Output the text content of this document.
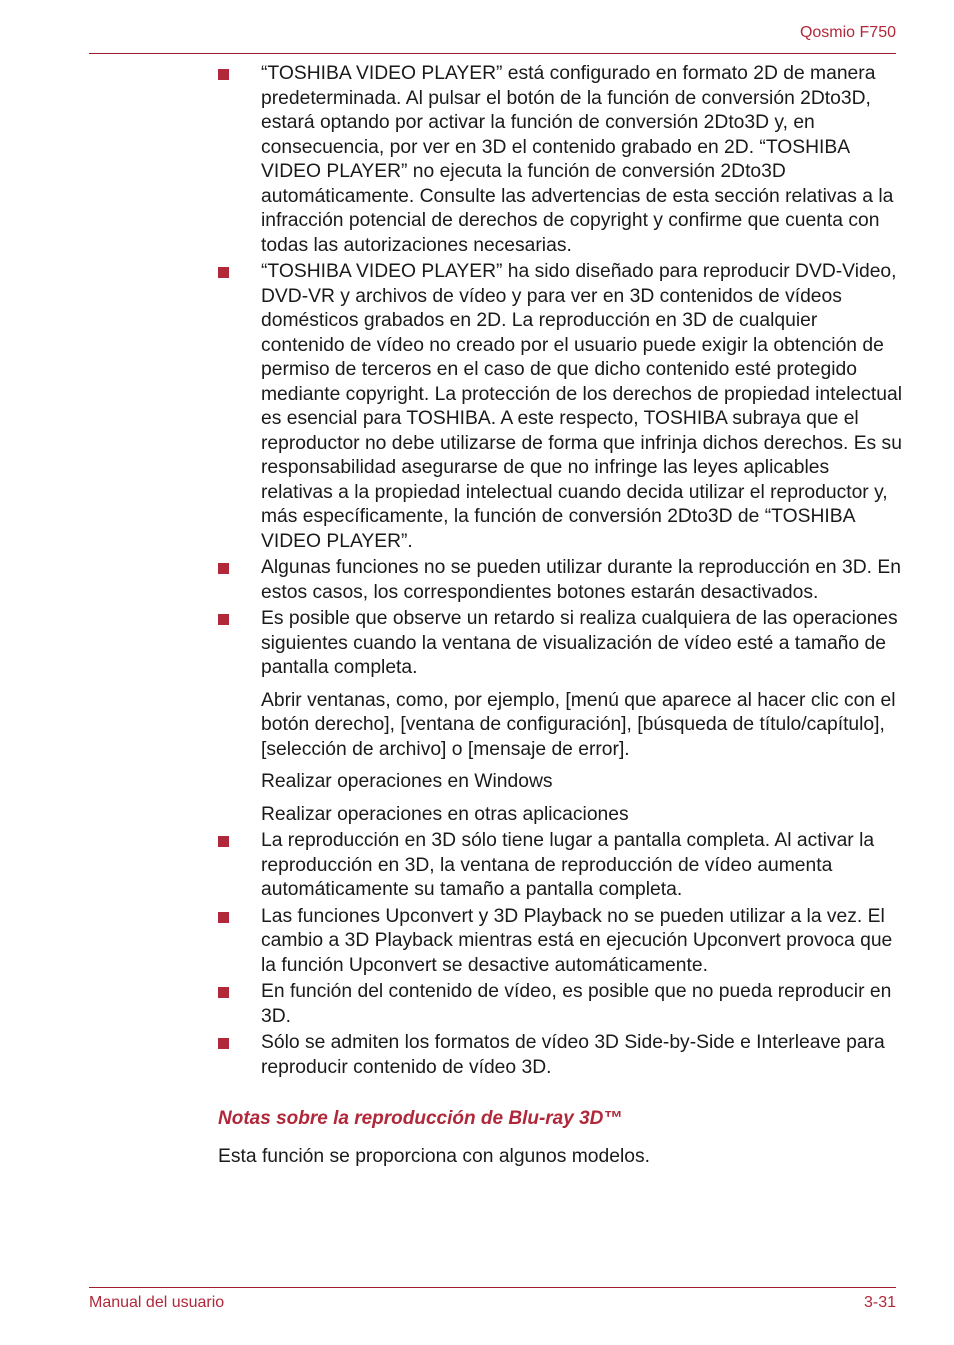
Qosmio F750
“TOSHIBA VIDEO PLAYER” está configurado en formato 2D de manera predeterminada. Al pulsar el botón de la función de conversión 2Dto3D, estará optando por activar la función de conversión 2Dto3D y, en consecuencia, por ver en 3D el contenido grabado en 2D. “TOSHIBA VIDEO PLAYER” no ejecuta la función de conversión 2Dto3D automáticamente. Consulte las advertencias de esta sección relativas a la infracción potencial de derechos de copyright y confirme que cuenta con todas las autorizaciones necesarias.
“TOSHIBA VIDEO PLAYER” ha sido diseñado para reproducir DVD-Video, DVD-VR y archivos de vídeo y para ver en 3D contenidos de vídeos domésticos grabados en 2D. La reproducción en 3D de cualquier contenido de vídeo no creado por el usuario puede exigir la obtención de permiso de terceros en el caso de que dicho contenido esté protegido mediante copyright. La protección de los derechos de propiedad intelectual es esencial para TOSHIBA. A este respecto, TOSHIBA subraya que el reproductor no debe utilizarse de forma que infrinja dichos derechos. Es su responsabilidad asegurarse de que no infringe las leyes aplicables relativas a la propiedad intelectual cuando decida utilizar el reproductor y, más específicamente, la función de conversión 2Dto3D de “TOSHIBA VIDEO PLAYER”.
Algunas funciones no se pueden utilizar durante la reproducción en 3D. En estos casos, los correspondientes botones estarán desactivados.
Es posible que observe un retardo si realiza cualquiera de las operaciones siguientes cuando la ventana de visualización de vídeo esté a tamaño de pantalla completa.

Abrir ventanas, como, por ejemplo, [menú que aparece al hacer clic con el botón derecho], [ventana de configuración], [búsqueda de título/capítulo], [selección de archivo] o [mensaje de error].

Realizar operaciones en Windows

Realizar operaciones en otras aplicaciones

La reproducción en 3D sólo tiene lugar a pantalla completa. Al activar la reproducción en 3D, la ventana de reproducción de vídeo aumenta automáticamente su tamaño a pantalla completa.
Las funciones Upconvert y 3D Playback no se pueden utilizar a la vez. El cambio a 3D Playback mientras está en ejecución Upconvert provoca que la función Upconvert se desactive automáticamente.
En función del contenido de vídeo, es posible que no pueda reproducir en 3D.
Sólo se admiten los formatos de vídeo 3D Side-by-Side e Interleave para reproducir contenido de vídeo 3D.
Notas sobre la reproducción de Blu-ray 3D™

Esta función se proporciona con algunos modelos.

Manual del usuario	3-31
